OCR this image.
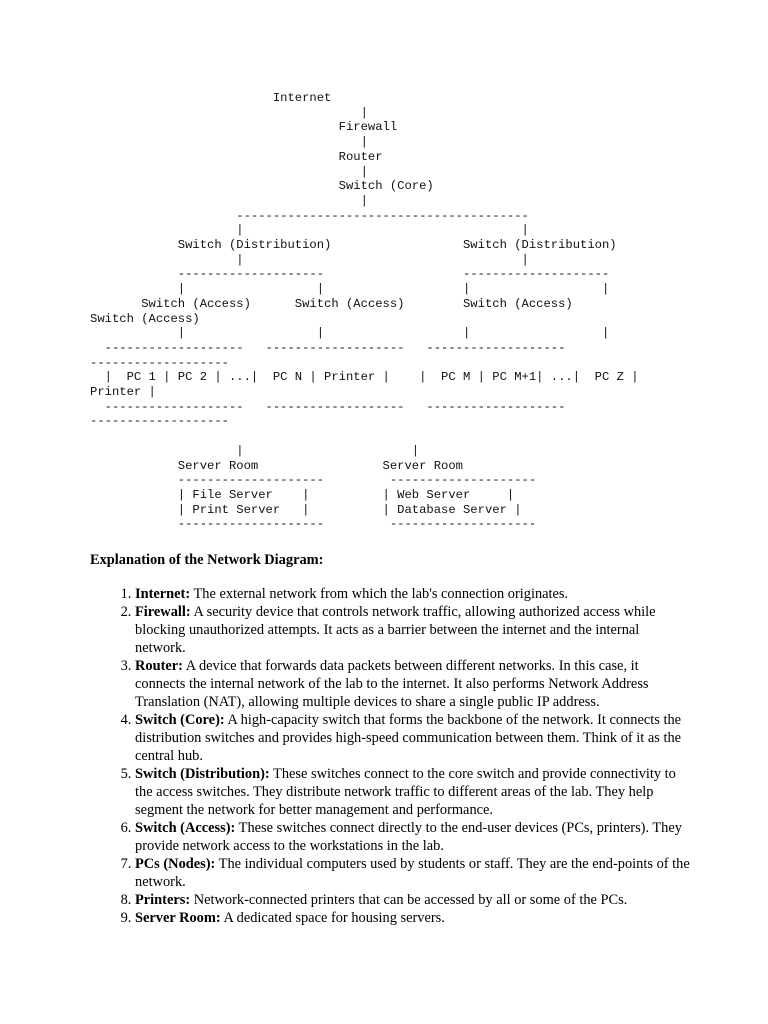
Internet
|
Firewall
|
Router
|
Switch (Core)
|
----------------------------------------
|                                      |
Switch (Distribution)                  Switch (Distribution)
|                                      |
--------------------                   --------------------
|                  |                   |                  |
Switch (Access)      Switch (Access)        Switch (Access)
Switch (Access)
|                  |                   |                  |
-------------------   -------------------   -------------------
-------------------
|  PC 1 | PC 2 | ...|  PC N | Printer |    |  PC M | PC M+1| ...|  PC Z |
Printer |
-------------------   -------------------   -------------------
-------------------

|                       |
Server Room                 Server Room
--------------------         --------------------
| File Server    |          | Web Server     |
| Print Server   |          | Database Server |
--------------------         --------------------

Explanation of the Network Diagram:

1. Internet: The external network from which the lab's connection originates.
2. Firewall: A security device that controls network traffic, allowing authorized access while blocking unauthorized attempts. It acts as a barrier between the internet and the internal network.
3. Router: A device that forwards data packets between different networks. In this case, it connects the internal network of the lab to the internet. It also performs Network Address Translation (NAT), allowing multiple devices to share a single public IP address.
4. Switch (Core): A high-capacity switch that forms the backbone of the network. It connects the distribution switches and provides high-speed communication between them. Think of it as the central hub.
5. Switch (Distribution): These switches connect to the core switch and provide connectivity to the access switches. They distribute network traffic to different areas of the lab. They help segment the network for better management and performance.
6. Switch (Access): These switches connect directly to the end-user devices (PCs, printers). They provide network access to the workstations in the lab.
7. PCs (Nodes): The individual computers used by students or staff. They are the end-points of the network.
8. Printers: Network-connected printers that can be accessed by all or some of the PCs.
9. Server Room: A dedicated space for housing servers.
